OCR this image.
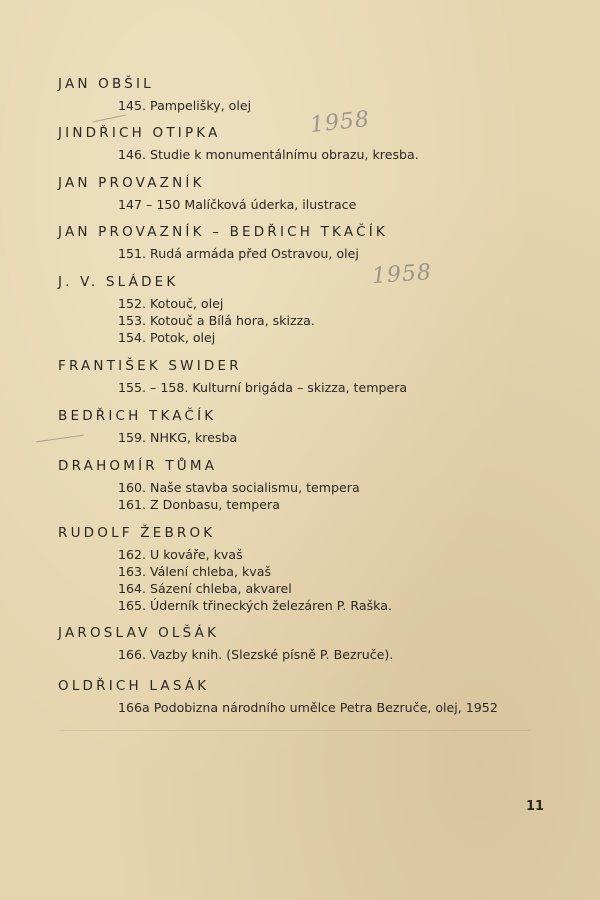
JAN OBŠIL
145. Pampelišky, olej
JINDŘICH OTIPKA
146. Studie k monumentálnímu obrazu, kresba.
JAN PROVAZNÍK
147 – 150 Malíčková úderka, ilustrace
JAN PROVAZNÍK – BEDŘICH TKAČÍK
151. Rudá armáda před Ostravou, olej
J. V. SLÁDEK
152. Kotouč, olej
153. Kotouč a Bílá hora, skizza.
154. Potok, olej
FRANTIŠEK SWIDER
155. – 158. Kulturní brigáda – skizza, tempera
BEDŘICH TKAČÍK
159. NHKG, kresba
DRAHOMÍR TŮMA
160. Naše stavba socialismu, tempera
161. Z Donbasu, tempera
RUDOLF ŽEBROK
162. U kováře, kvaš
163. Válení chleba, kvaš
164. Sázení chleba, akvarel
165. Úderník třineckých železáren P. Raška.
JAROSLAV OLŠÁK
166. Vazby knih. (Slezské písně P. Bezruče).
OLDŘICH LASÁK
166a Podobizna národního umělce Petra Bezruče, olej, 1952
1958
1958
11
